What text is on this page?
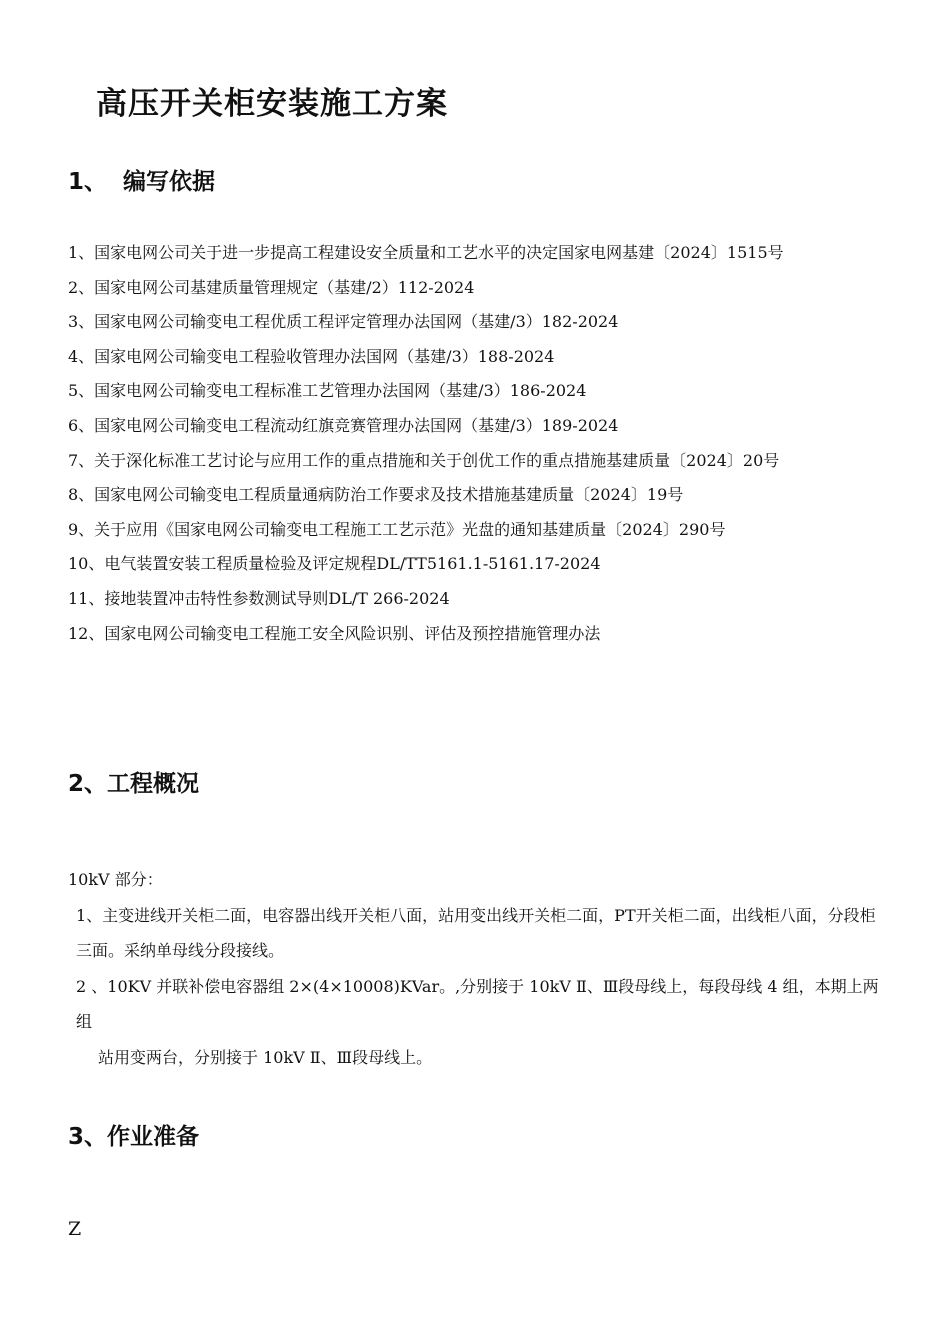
高压开关柜安装施工方案
1、 编写依据

1、国家电网公司关于进一步提高工程建设安全质量和工艺水平的决定国家电网基建〔2024〕1515号

2、国家电网公司基建质量管理规定（基建/2）112-2024

3、国家电网公司输变电工程优质工程评定管理办法国网（基建/3）182-2024

4、国家电网公司输变电工程验收管理办法国网（基建/3）188-2024

5、国家电网公司输变电工程标准工艺管理办法国网（基建/3）186-2024

6、国家电网公司输变电工程流动红旗竞赛管理办法国网（基建/3）189-2024

7、关于深化标准工艺讨论与应用工作的重点措施和关于创优工作的重点措施基建质量〔2024〕20号

8、国家电网公司输变电工程质量通病防治工作要求及技术措施基建质量〔2024〕19号

9、关于应用《国家电网公司输变电工程施工工艺示范》光盘的通知基建质量〔2024〕290号

10、电气装置安装工程质量检验及评定规程DL/TT5161.1-5161.17-2024

11、接地装置冲击特性参数测试导则DL/T 266-2024

12、国家电网公司输变电工程施工安全风险识别、评估及预控措施管理办法

2、工程概况

10kV 部分：

1、主变进线开关柜二面，电容器出线开关柜八面，站用变出线开关柜二面，PT开关柜二面，出线柜八面，分段柜三面。采纳单母线分段接线。

2 、10KV 并联补偿电容器组 2×(4×10008)KVar。,分别接于 10kV Ⅱ、Ⅲ段母线上，每段母线 4 组，本期上两组

站用变两台，分别接于 10kV Ⅱ、Ⅲ段母线上。

3、作业准备
Z
